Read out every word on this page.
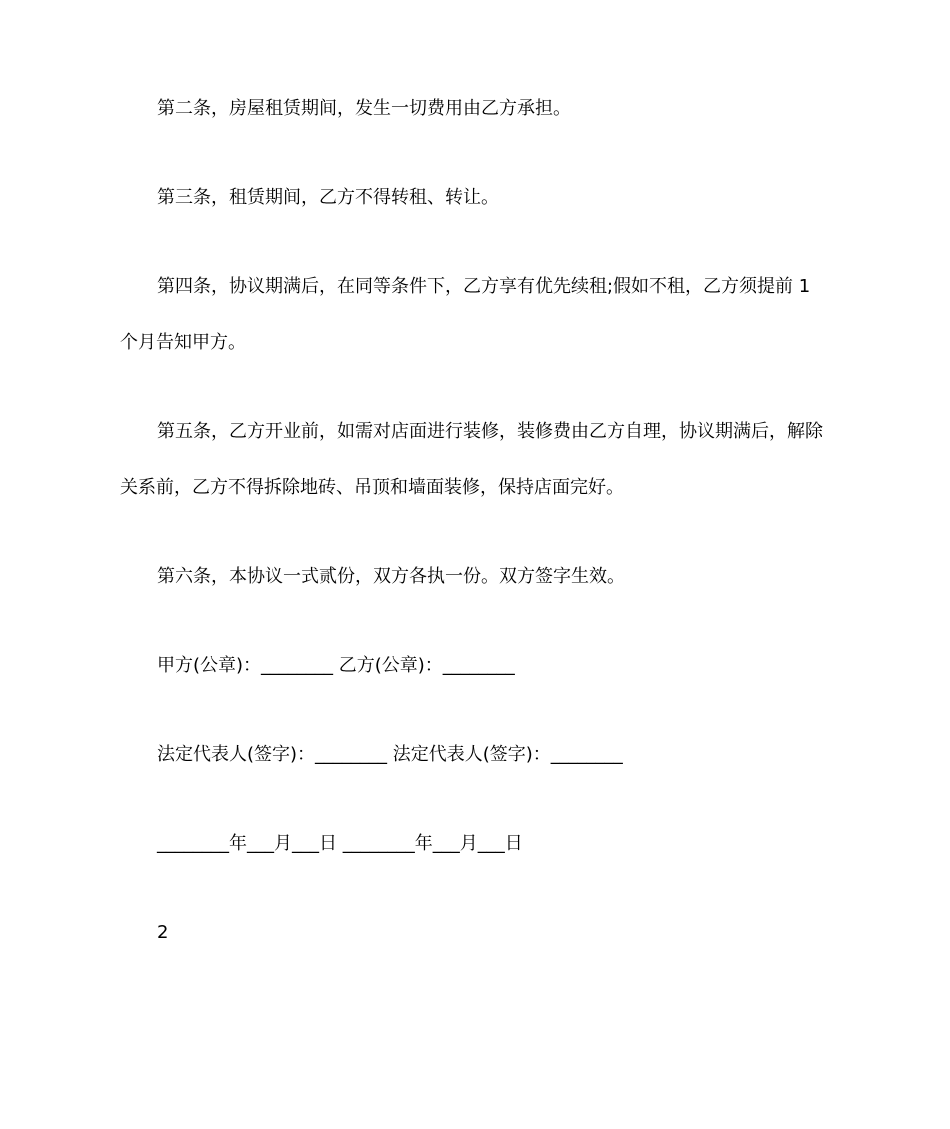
第二条，房屋租赁期间，发生一切费用由乙方承担。
第三条，租赁期间，乙方不得转租、转让。
第四条，协议期满后，在同等条件下，乙方享有优先续租;假如不租，乙方须提前 1
个月告知甲方。
第五条，乙方开业前，如需对店面进行装修，装修费由乙方自理，协议期满后，解除
关系前，乙方不得拆除地砖、吊顶和墙面装修，保持店面完好。
第六条，本协议一式贰份，双方各执一份。双方签字生效。
甲方(公章)：________ 乙方(公章)：________
法定代表人(签字)：________ 法定代表人(签字)：________
________年___月___日 ________年___月___日
2
